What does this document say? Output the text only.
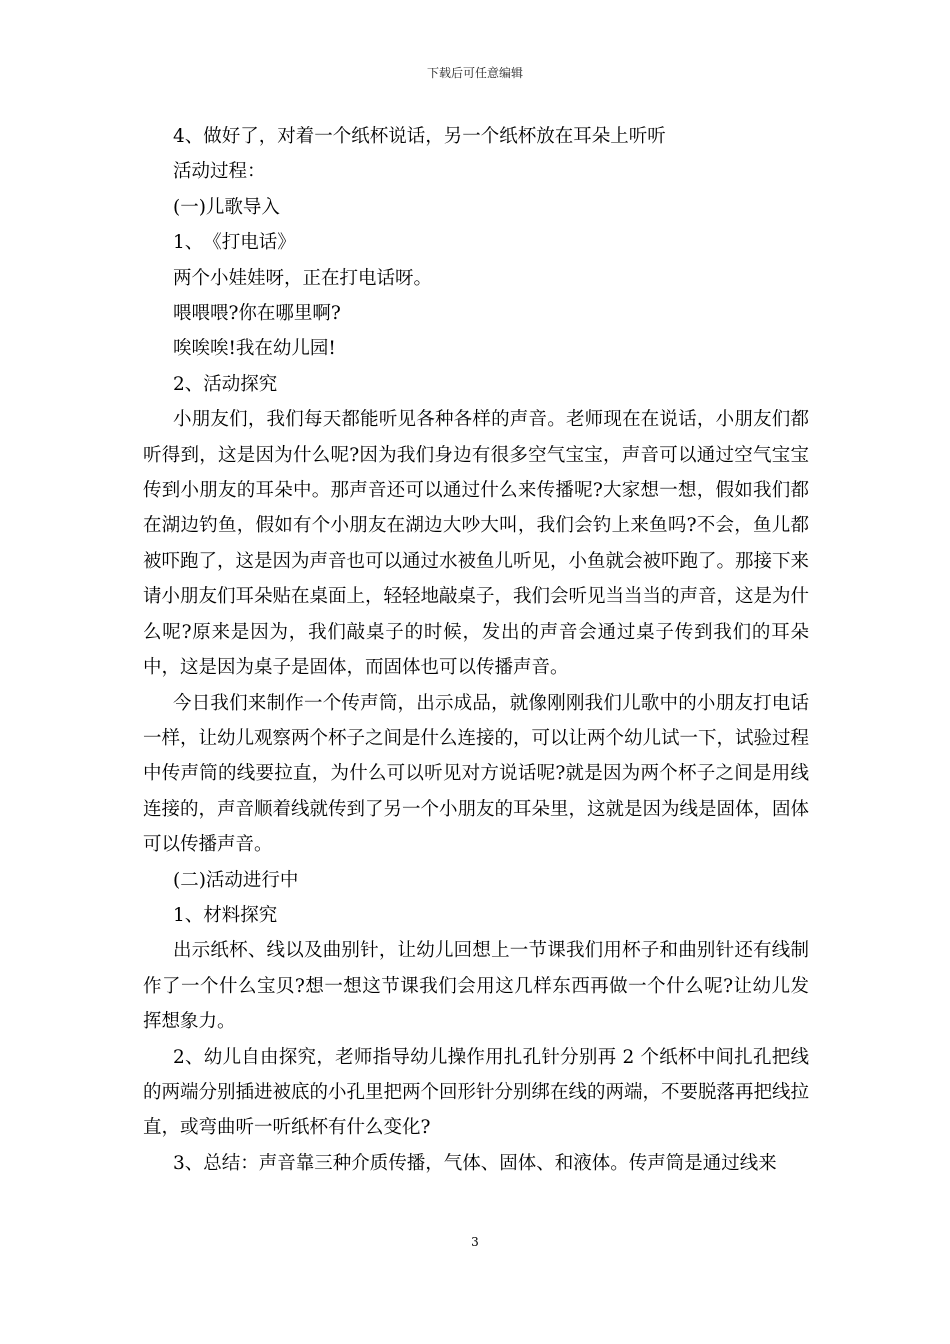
下载后可任意编辑

4、做好了，对着一个纸杯说话，另一个纸杯放在耳朵上听听

活动过程：

(一)儿歌导入

1、　《打电话》

两个小娃娃呀，正在打电话呀。

喂喂喂?你在哪里啊?

唉唉唉!我在幼儿园!

2、活动探究

小朋友们，我们每天都能听见各种各样的声音。老师现在在说话，小朋友们都听得到，这是因为什么呢?因为我们身边有很多空气宝宝，声音可以通过空气宝宝传到小朋友的耳朵中。那声音还可以通过什么来传播呢?大家想一想，假如我们都在湖边钓鱼，假如有个小朋友在湖边大吵大叫，我们会钓上来鱼吗?不会，鱼儿都被吓跑了，这是因为声音也可以通过水被鱼儿听见，小鱼就会被吓跑了。那接下来请小朋友们耳朵贴在桌面上，轻轻地敲桌子，我们会听见当当当的声音，这是为什么呢?原来是因为，我们敲桌子的时候，发出的声音会通过桌子传到我们的耳朵中，这是因为桌子是固体，而固体也可以传播声音。

今日我们来制作一个传声筒，出示成品，就像刚刚我们儿歌中的小朋友打电话一样，让幼儿观察两个杯子之间是什么连接的，可以让两个幼儿试一下，试验过程中传声筒的线要拉直，为什么可以听见对方说话呢?就是因为两个杯子之间是用线连接的，声音顺着线就传到了另一个小朋友的耳朵里，这就是因为线是固体，固体可以传播声音。

(二)活动进行中

1、材料探究

出示纸杯、线以及曲别针，让幼儿回想上一节课我们用杯子和曲别针还有线制作了一个什么宝贝?想一想这节课我们会用这几样东西再做一个什么呢?让幼儿发挥想象力。

2、幼儿自由探究，老师指导幼儿操作用扎孔针分别再 2 个纸杯中间扎孔把线的两端分别插进被底的小孔里把两个回形针分别绑在线的两端，不要脱落再把线拉直，或弯曲听一听纸杯有什么变化?

3、总结：声音靠三种介质传播，气体、固体、和液体。传声筒是通过线来

3
